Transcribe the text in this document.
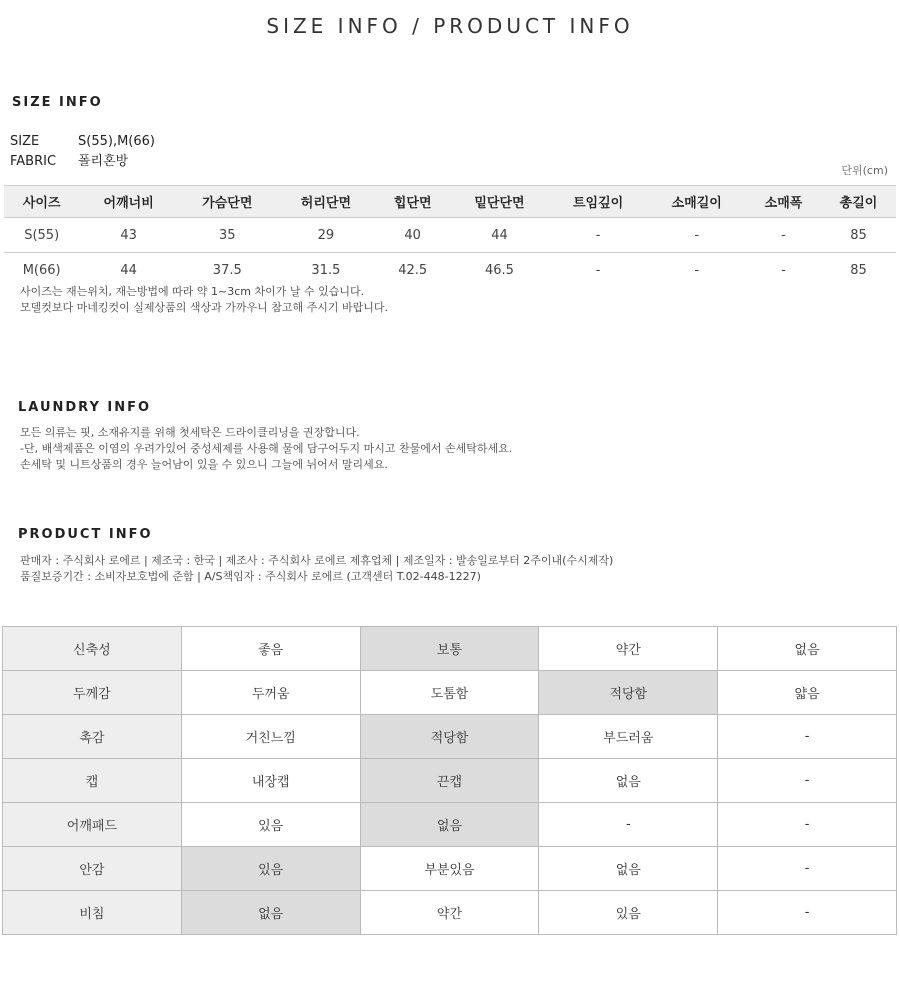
SIZE INFO / PRODUCT INFO
SIZE INFO
SIZE	S(55),M(66)
FABRIC 폴리혼방
단위(cm)
사이즈	어깨너비	가슴단면	허리단면	힙단면	밑단단면	트임깊이	소매길이	소매폭	총길이
S(55)	43	35	29	40	44	-	-	-	85
M(66)	44	37.5	31.5	42.5	46.5	-	-	-	85
사이즈는 재는위치, 재는방법에 따라 약 1~3cm 차이가 날 수 있습니다.
모델컷보다 마네킹컷이 실제상품의 색상과 가까우니 참고해 주시기 바랍니다.
LAUNDRY INFO
모든 의류는 핏, 소재유지를 위해 첫세탁은 드라이클리닝을 권장합니다.
-단, 배색제품은 이염의 우려가있어 중성세제를 사용해 물에 담구어두지 마시고 찬물에서 손세탁하세요.
손세탁 및 니트상품의 경우 늘어남이 있을 수 있으니 그늘에 뉘어서 말리세요.
PRODUCT INFO
판매자 : 주식회사 로에르 | 제조국 : 한국 | 제조사 : 주식회사 로에르 제휴업체 | 제조일자 : 발송일로부터 2주이내(수시제작)
품질보증기간 : 소비자보호법에 준함 | A/S책임자 : 주식회사 로에르 (고객센터 T.02-448-1227)
신축성	좋음	보통	약간	없음
두께감	두꺼움	도톰함	적당함	얇음
촉감	거친느낌	적당함	부드러움	-
캡	내장캡	끈캡	없음	-
어깨패드	있음	없음	-	-
안감	있음	부분있음	없음	-
비침	없음	약간	있음	-
